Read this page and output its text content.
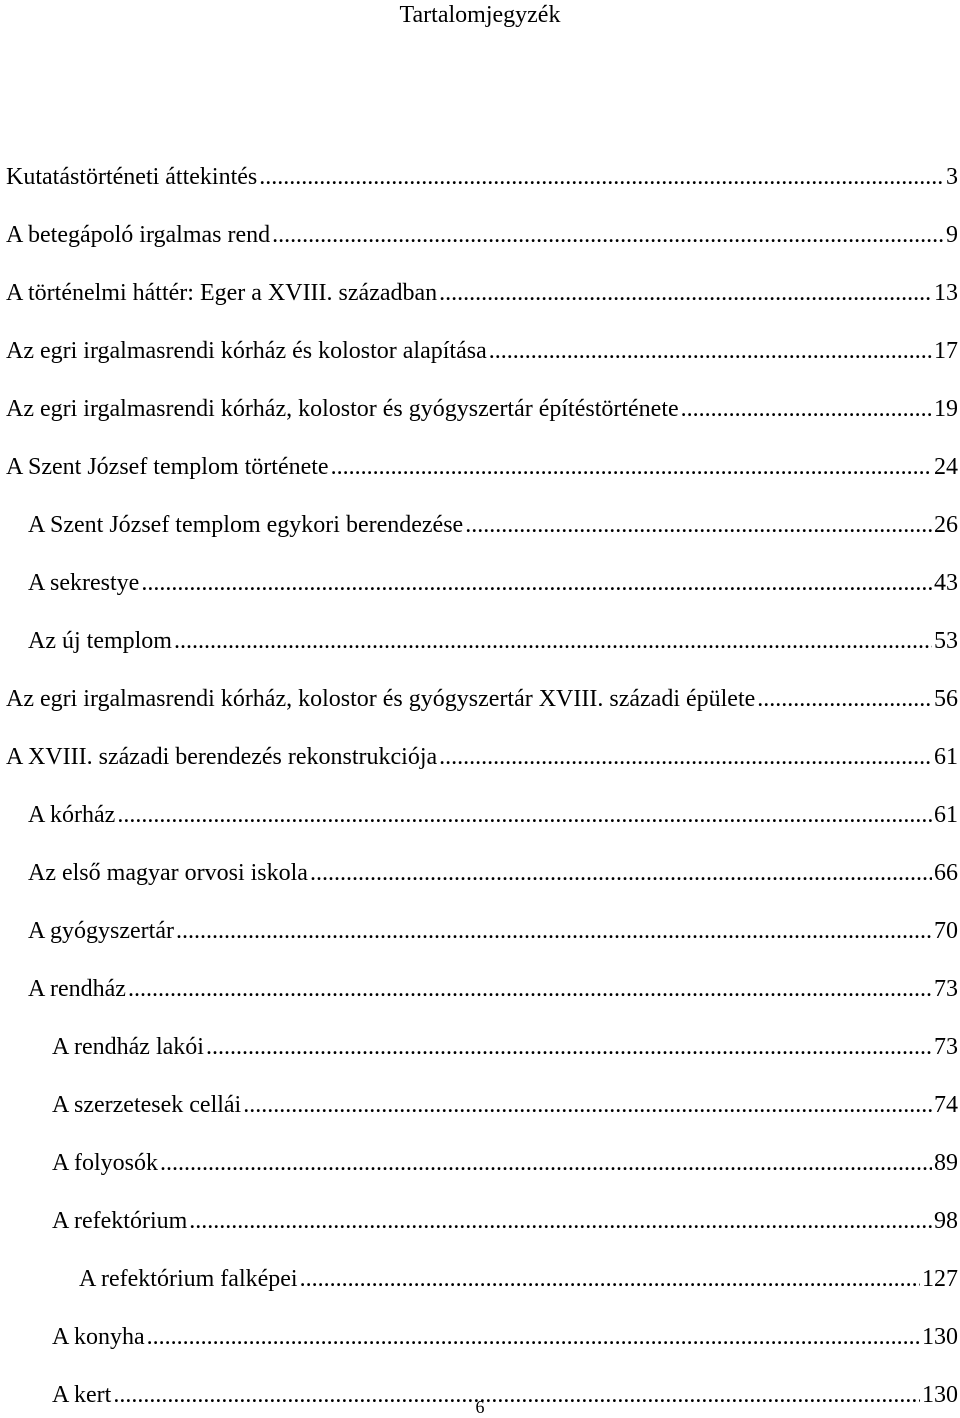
Tartalomjegyzék
Kutatástörténeti áttekintés .....	3
A betegápoló irgalmas rend .....	9
A történelmi háttér: Eger a XVIII. században .....	13
Az egri irgalmasrendi kórház és kolostor alapítása .....	17
Az egri irgalmasrendi kórház, kolostor és gyógyszertár építéstörténete .....	19
A Szent József templom története .....	24
A Szent József templom egykori berendezése .....	26
A sekrestye .....	43
Az új templom .....	53
Az egri irgalmasrendi kórház, kolostor és gyógyszertár XVIII. századi épülete .....	56
A XVIII. századi berendezés rekonstrukciója .....	61
A kórház .....	61
Az első magyar orvosi iskola .....	66
A gyógyszertár .....	70
A rendház .....	73
A rendház lakói .....	73
A szerzetesek cellái .....	74
A folyosók .....	89
A refektórium .....	98
A refektórium falképei .....	127
A konyha .....	130
A kert .....	130
6
